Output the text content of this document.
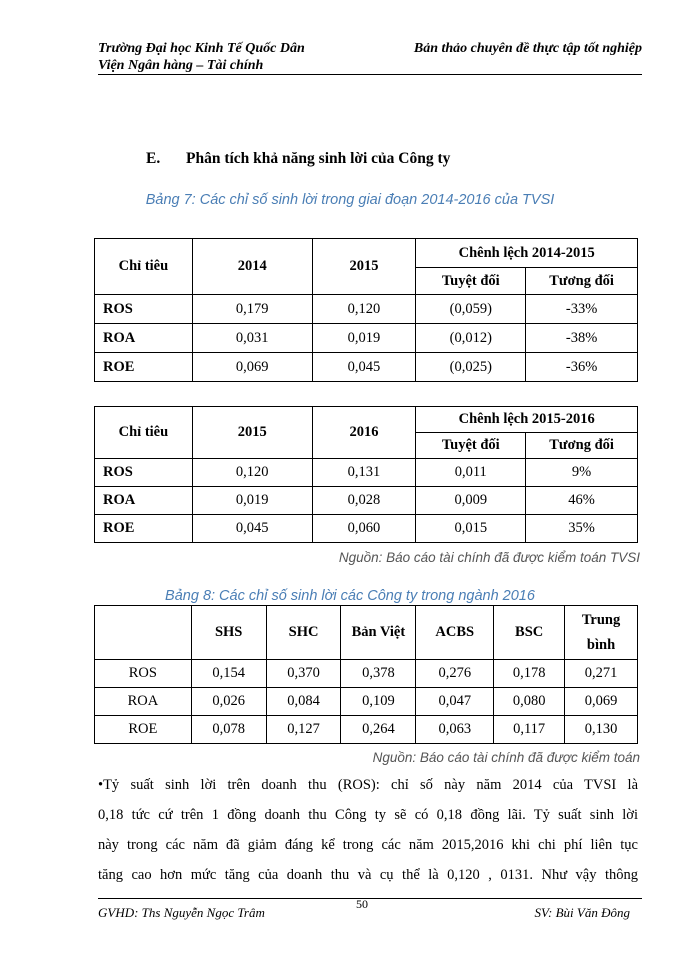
Trường Đại học Kinh Tế Quốc Dân
Viện Ngân hàng – Tài chính
Bản thảo chuyên đề thực tập tốt nghiệp
E. Phân tích khả năng sinh lời của Công ty
Bảng 7: Các chỉ số sinh lời trong giai đoạn 2014-2016 của TVSI
Chỉ tiêu	2014	2015	Chênh lệch 2014-2015	
			Tuyệt đối	Tương đối
ROS	0,179	0,120	(0,059)	-33%
ROA	0,031	0,019	(0,012)	-38%
ROE	0,069	0,045	(0,025)	-36%
Chỉ tiêu	2015	2016	Chênh lệch 2015-2016	
			Tuyệt đối	Tương đối
ROS	0,120	0,131	0,011	9%
ROA	0,019	0,028	0,009	46%
ROE	0,045	0,060	0,015	35%
Nguồn: Báo cáo tài chính đã được kiểm toán TVSI
Bảng 8: Các chỉ số sinh lời các Công ty trong ngành 2016
	SHS	SHC	Bản Việt	ACBS	BSC	Trung bình
ROS	0,154	0,370	0,378	0,276	0,178	0,271
ROA	0,026	0,084	0,109	0,047	0,080	0,069
ROE	0,078	0,127	0,264	0,063	0,117	0,130
Nguồn: Báo cáo tài chính đã được kiểm toán
•Tỷ suất sinh lời trên doanh thu (ROS): chỉ số này năm 2014 của TVSI là
0,18 tức cứ trên 1 đồng doanh thu Công ty sẽ có 0,18 đồng lãi. Tỷ suất sinh lời
này trong các năm đã giảm đáng kể trong các năm 2015,2016 khi chi phí liên tục
tăng cao hơn mức tăng của doanh thu và cụ thể là 0,120 , 0131. Như vậy thông
GVHD: Ths Nguyễn Ngọc Trâm
50
SV: Bùi Văn Đông
